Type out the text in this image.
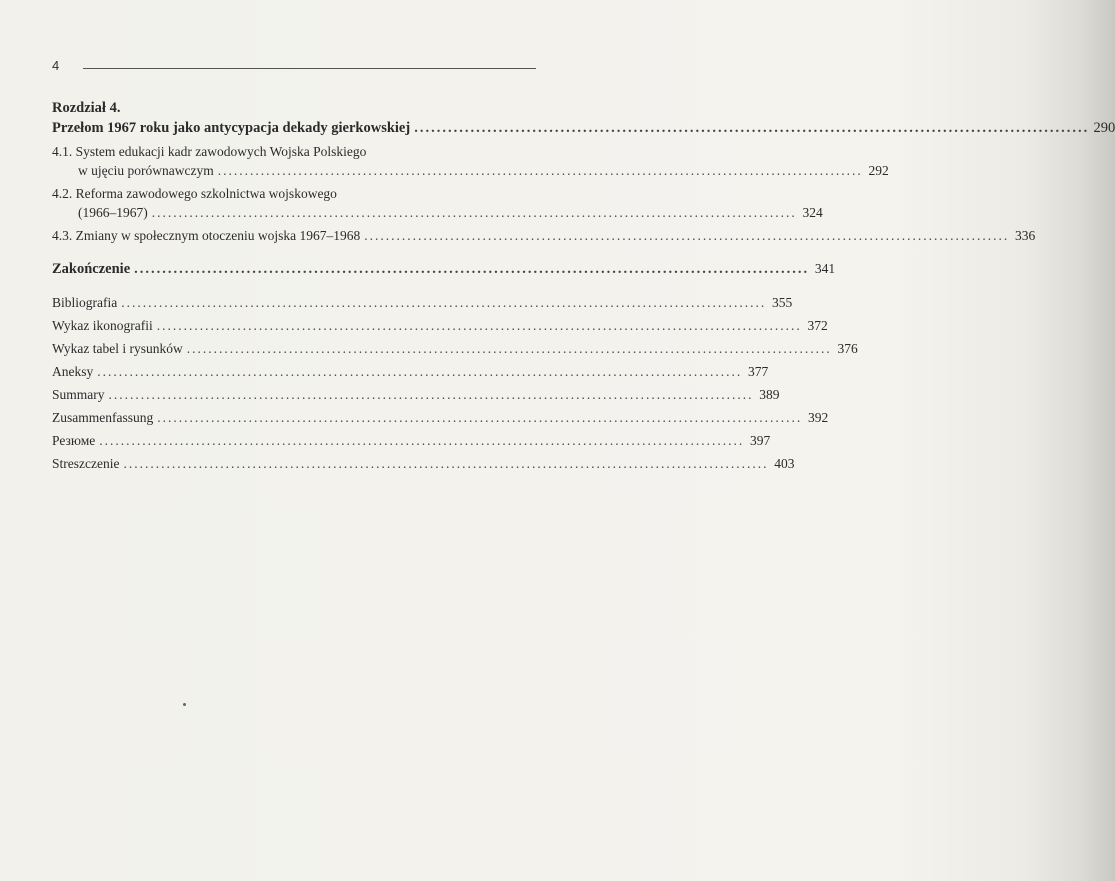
4
Rozdział 4.
Przełom 1967 roku jako antycypacja dekady gierkowskiej ........................................................................................................................ 290
4.1. System edukacji kadr zawodowych Wojska Polskiego
w ujęciu porównawczym ........................................................................................................................ 292
4.2. Reforma zawodowego szkolnictwa wojskowego
(1966–1967) ........................................................................................................................ 324
4.3. Zmiany w społecznym otoczeniu wojska 1967–1968 ........................................................................................................................ 336
Zakończenie ........................................................................................................................ 341
Bibliografia ........................................................................................................................ 355
Wykaz ikonografii ........................................................................................................................ 372
Wykaz tabel i rysunków ........................................................................................................................ 376
Aneksy ........................................................................................................................ 377
Summary ........................................................................................................................ 389
Zusammenfassung ........................................................................................................................ 392
Резюме ........................................................................................................................ 397
Streszczenie ........................................................................................................................ 403
